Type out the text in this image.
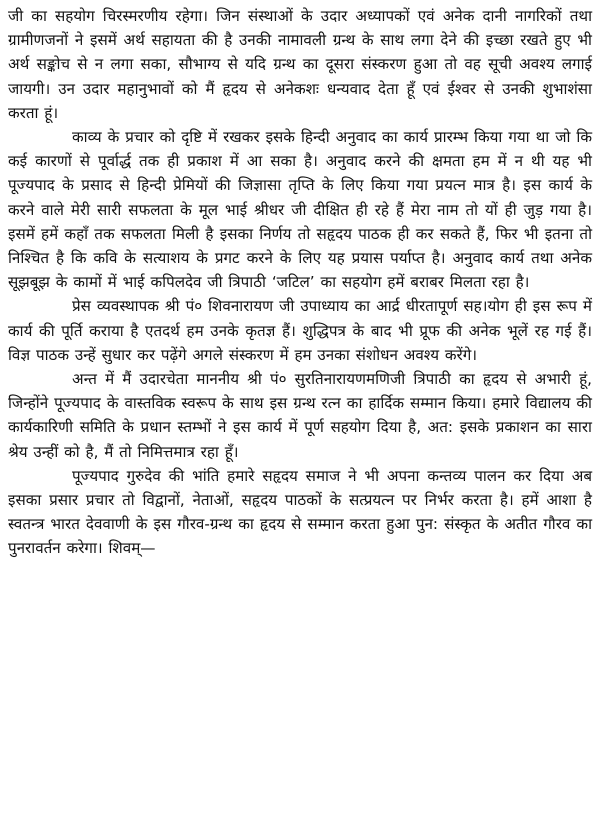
जी का सहयोग चिरस्मरणीय रहेगा। जिन संस्थाओं के उदार अध्यापकों एवं अनेक दानी नागरिकों तथा ग्रामीणजनों ने इसमें अर्थ सहायता की है उनकी नामावली ग्रन्थ के साथ लगा देने की इच्छा रखते हुए भी अर्थ सङ्कोच से न लगा सका, सौभाग्य से यदि ग्रन्थ का दूसरा संस्करण हुआ तो वह सूची अवश्य लगाई जायगी। उन उदार महानुभावों को मैं हृदय से अनेकशः धन्यवाद देता हूँ एवं ईश्वर से उनकी शुभाशंसा करता हूं।

काव्य के प्रचार को दृष्टि में रखकर इसके हिन्दी अनुवाद का कार्य प्रारम्भ किया गया था जो कि कई कारणों से पूर्वार्द्ध तक ही प्रकाश में आ सका है। अनुवाद करने की क्षमता हम में न थी यह भी पूज्यपाद के प्रसाद से हिन्दी प्रेमियों की जिज्ञासा तृप्ति के लिए किया गया प्रयत्न मात्र है। इस कार्य के करने वाले मेरी सारी सफलता के मूल भाई श्रीधर जी दीक्षित ही रहे हैं मेरा नाम तो यों ही जुड़ गया है। इसमें हमें कहाँ तक सफलता मिली है इसका निर्णय तो सहृदय पाठक ही कर सकते हैं, फिर भी इतना तो निश्चित है कि कवि के सत्याशय के प्रगट करने के लिए यह प्रयास पर्याप्त है। अनुवाद कार्य तथा अनेक सूझबूझ के कामों में भाई कपिलदेव जी त्रिपाठी ‘जटिल’ का सहयोग हमें बराबर मिलता रहा है।

प्रेस व्यवस्थापक श्री पं० शिवनारायण जी उपाध्याय का आर्द्र धीरतापूर्ण सह।योग ही इस रूप में कार्य की पूर्ति कराया है एतदर्थ हम उनके कृतज्ञ हैं। शुद्धिपत्र के बाद भी प्रूफ की अनेक भूलें रह गई हैं। विज्ञ पाठक उन्हें सुधार कर पढ़ेंगे अगले संस्करण में हम उनका संशोधन अवश्य करेंगे।

अन्त में मैं उदारचेता माननीय श्री पं० सुरतिनारायणमणिजी त्रिपाठी का हृदय से अभारी हूं, जिन्होंने पूज्यपाद के वास्तविक स्वरूप के साथ इस ग्रन्थ रत्न का हार्दिक सम्मान किया। हमारे विद्यालय की कार्यकारिणी समिति के प्रधान स्तम्भों ने इस कार्य में पूर्ण सहयोग दिया है, अत: इसके प्रकाशन का सारा श्रेय उन्हीं को है, मैं तो निमित्तमात्र रहा हूँ।

पूज्यपाद गुरुदेव की भांति हमारे सहृदय समाज ने भी अपना कन्तव्य पालन कर दिया अब इसका प्रसार प्रचार तो विद्वानों, नेताओं, सहृदय पाठकों के सत्प्रयत्न पर निर्भर करता है। हमें आशा है स्वतन्त्र भारत देववाणी के इस गौरव-ग्रन्थ का हृदय से सम्मान करता हुआ पुन: संस्कृत के अतीत गौरव का पुनरावर्तन करेगा। शिवम्—
